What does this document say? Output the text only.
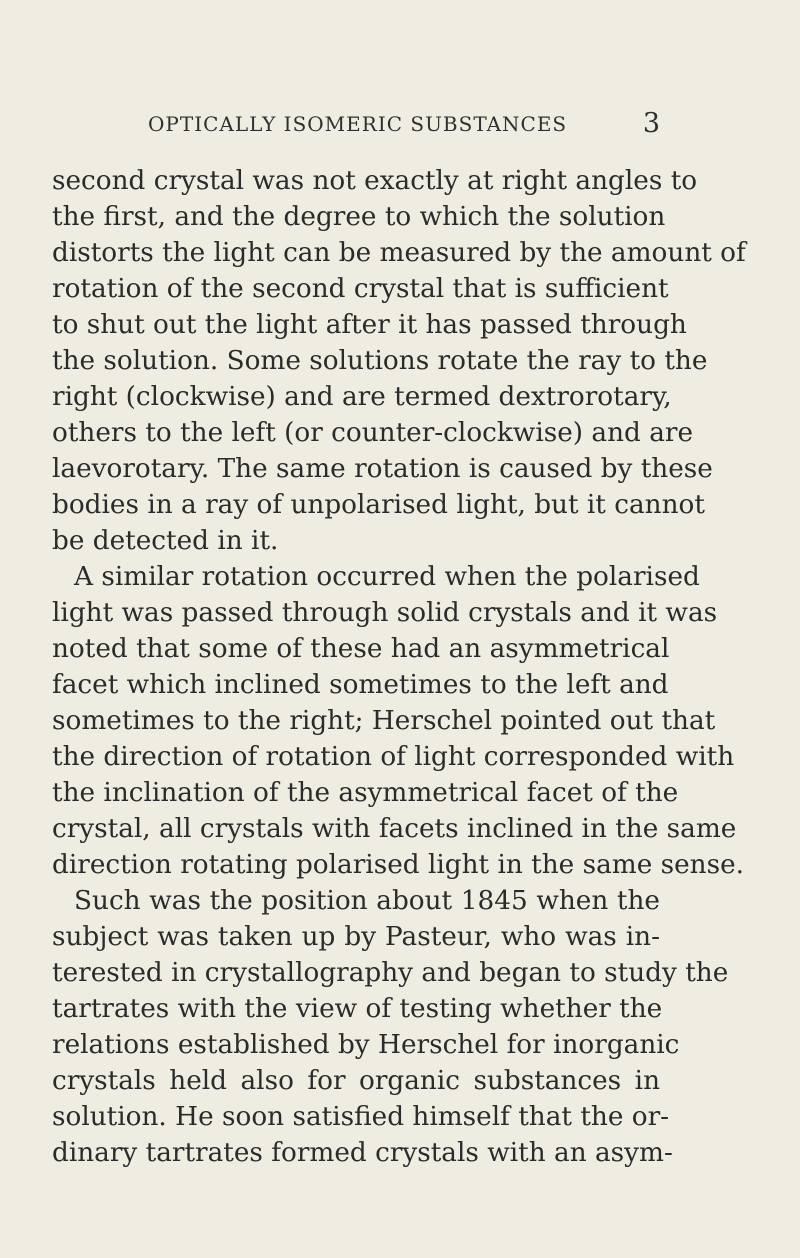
OPTICALLY ISOMERIC SUBSTANCES	3
second crystal was not exactly at right angles to
the first, and the degree to which the solution
distorts the light can be measured by the amount of
rotation of the second crystal that is sufficient
to shut out the light after it has passed through
the solution. Some solutions rotate the ray to the
right (clockwise) and are termed dextrorotary,
others to the left (or counter-clockwise) and are
laevorotary. The same rotation is caused by these
bodies in a ray of unpolarised light, but it cannot
be detected in it.
A similar rotation occurred when the polarised
light was passed through solid crystals and it was
noted that some of these had an asymmetrical
facet which inclined sometimes to the left and
sometimes to the right; Herschel pointed out that
the direction of rotation of light corresponded with
the inclination of the asymmetrical facet of the
crystal, all crystals with facets inclined in the same
direction rotating polarised light in the same sense.
Such was the position about 1845 when the
subject was taken up by Pasteur, who was in-
terested in crystallography and began to study the
tartrates with the view of testing whether the
relations established by Herschel for inorganic
crystals held also for organic substances in
solution. He soon satisfied himself that the or-
dinary tartrates formed crystals with an asym-
